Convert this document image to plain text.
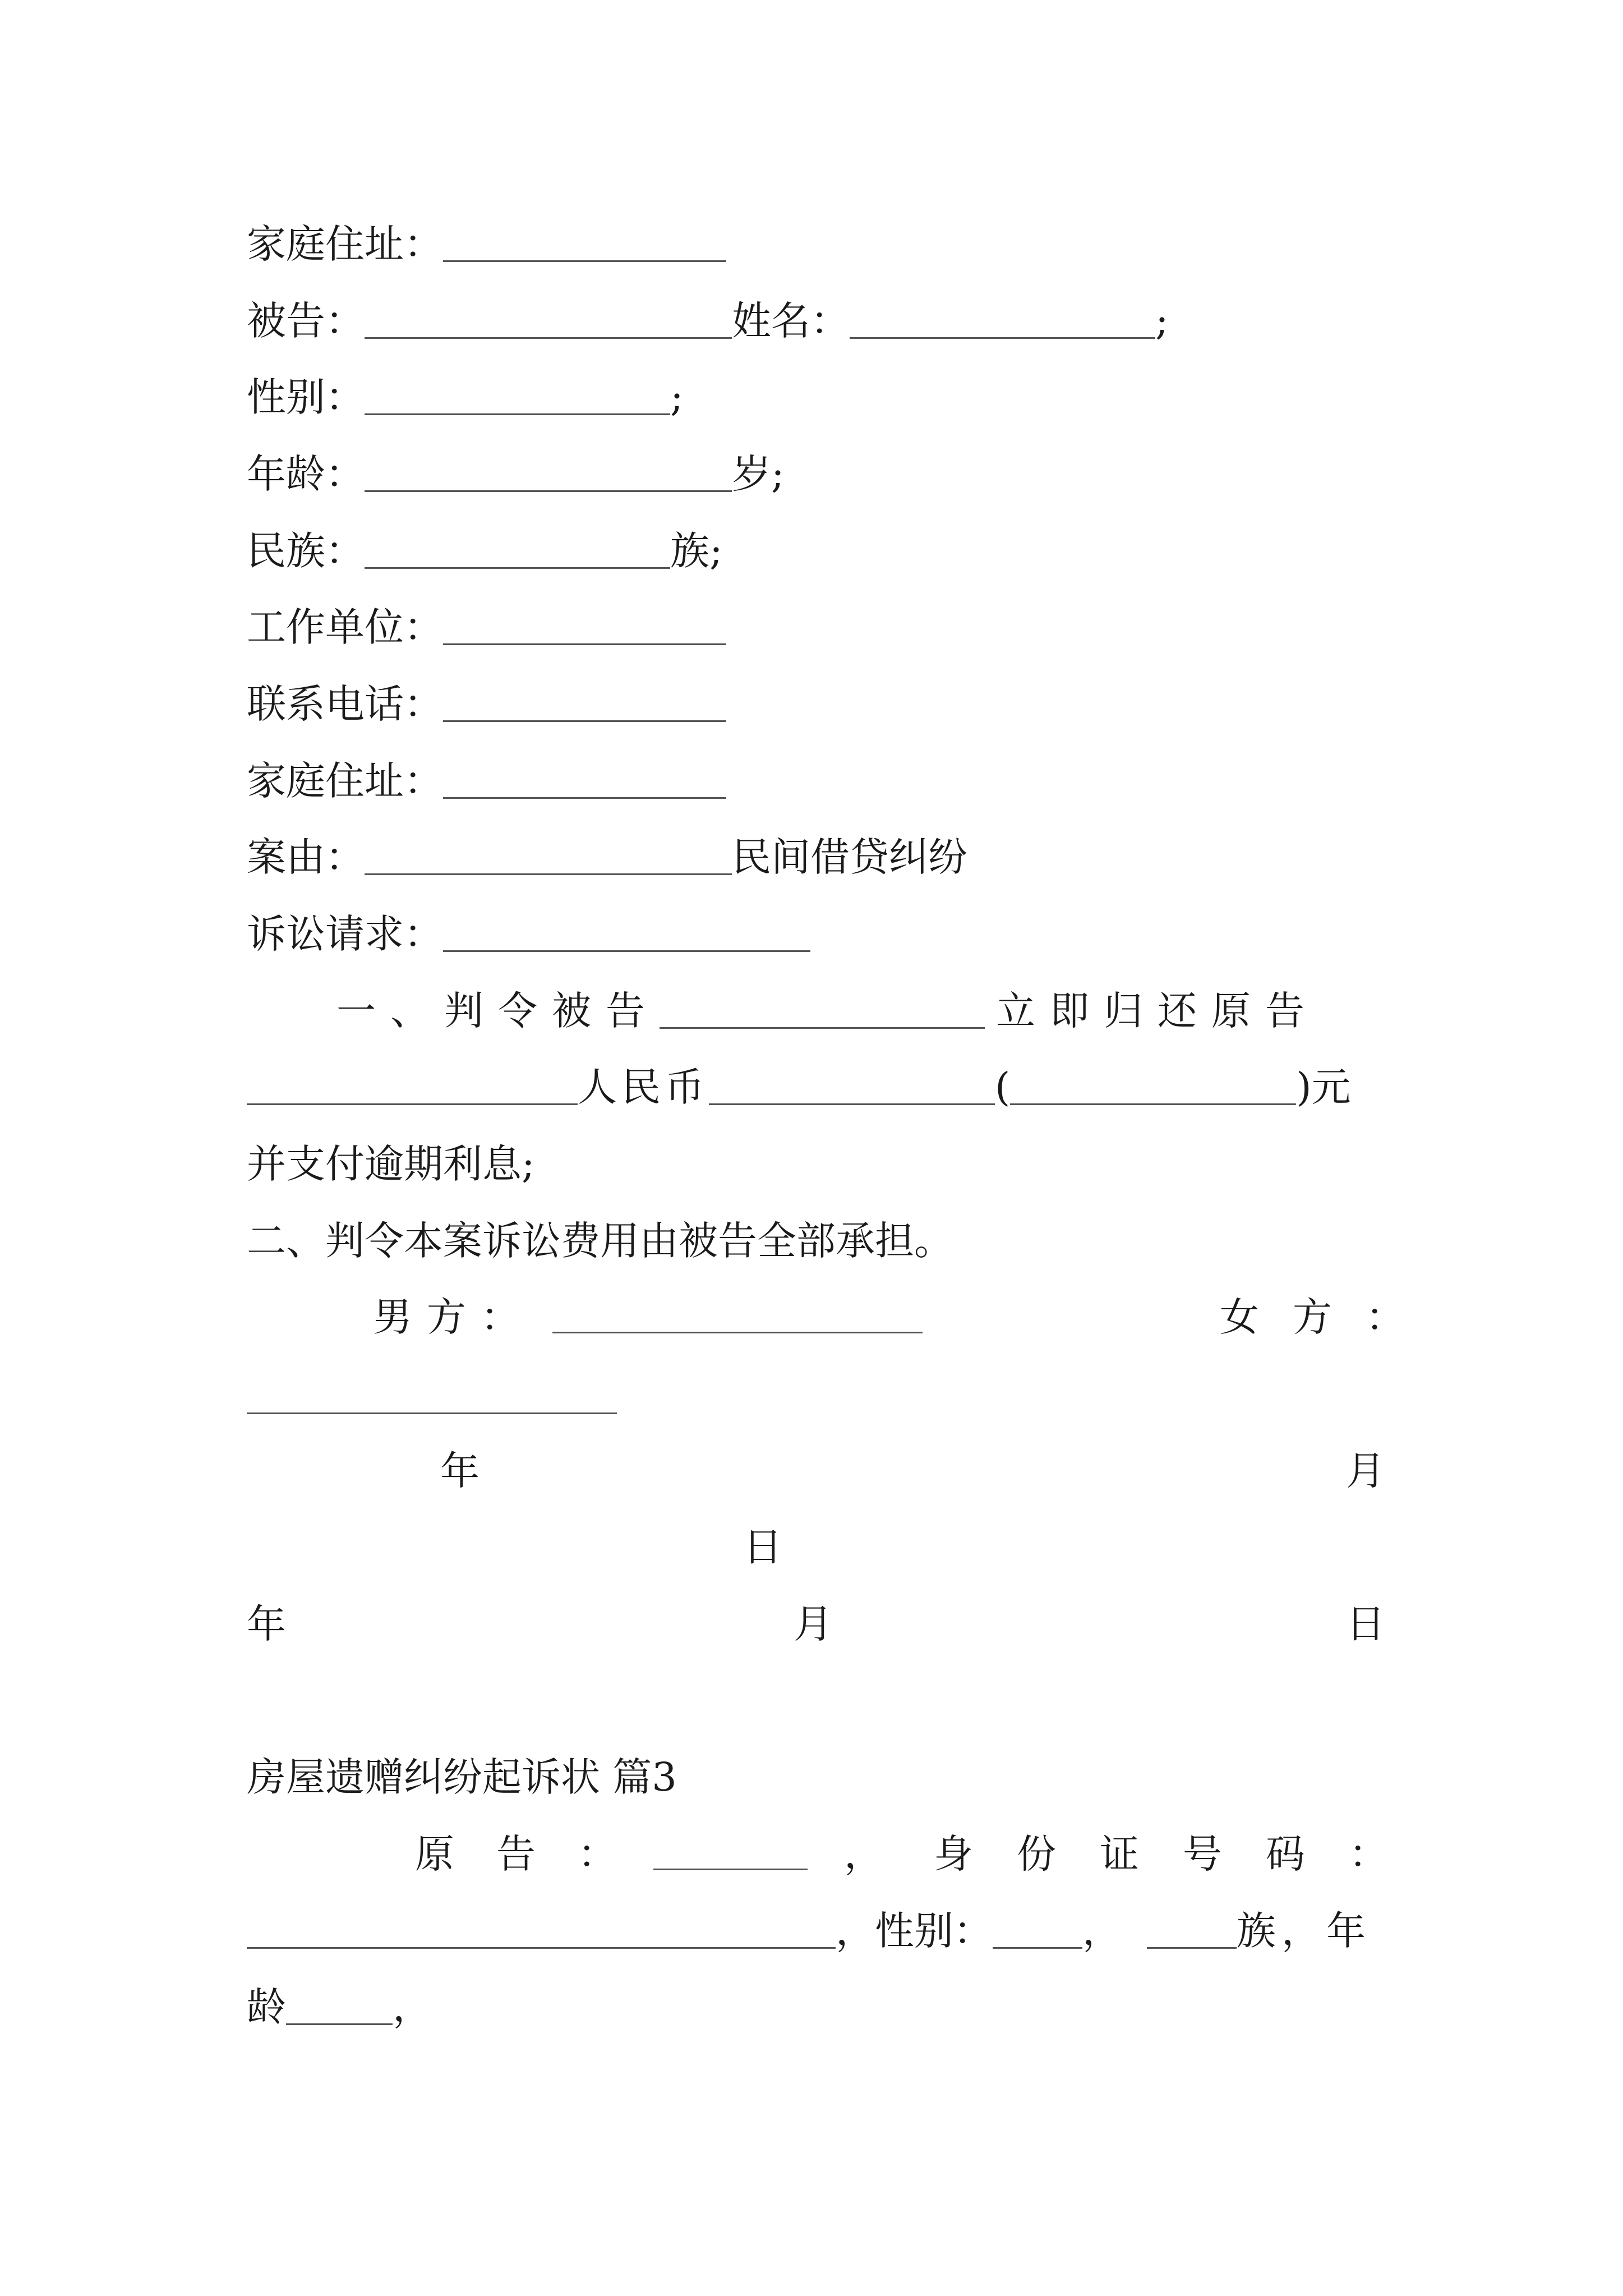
家庭住址：
被告：	姓名：	;
性别：	;
年龄：	岁;
民族：	族;
工作单位：
联系电话：
家庭住址：
案由：	民间借贷纠纷
诉讼请求：
一、判令被告	立即归还原告
人民币	(	)元
并支付逾期利息;
二、判令本案诉讼费用由被告全部承担。
男方：	女方：
年	月
日
年	月	日
房屋遗赠纠纷起诉状 篇3
原告：	， 身份证号码：
，性别： ，	族，年
龄	，
